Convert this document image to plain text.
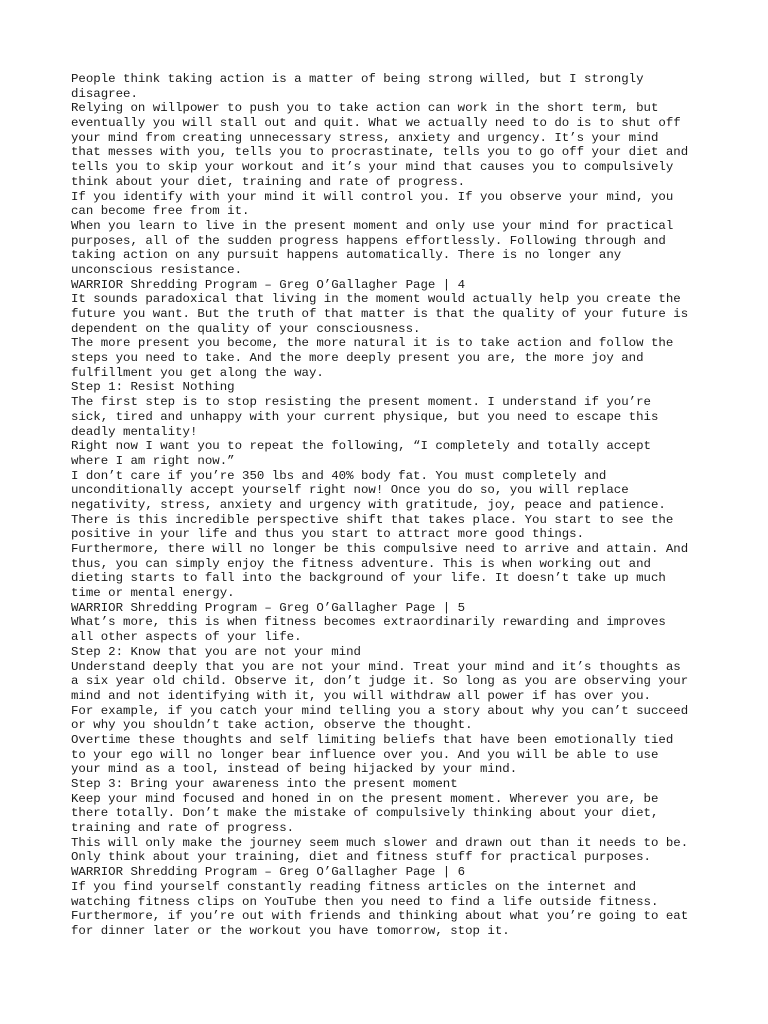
People think taking action is a matter of being strong willed, but I strongly
disagree.
Relying on willpower to push you to take action can work in the short term, but
eventually you will stall out and quit. What we actually need to do is to shut off
your mind from creating unnecessary stress, anxiety and urgency. It’s your mind
that messes with you, tells you to procrastinate, tells you to go off your diet and
tells you to skip your workout and it’s your mind that causes you to compulsively
think about your diet, training and rate of progress.
If you identify with your mind it will control you. If you observe your mind, you
can become free from it.
When you learn to live in the present moment and only use your mind for practical
purposes, all of the sudden progress happens effortlessly. Following through and
taking action on any pursuit happens automatically. There is no longer any
unconscious resistance.
WARRIOR Shredding Program – Greg O’Gallagher Page | 4
It sounds paradoxical that living in the moment would actually help you create the
future you want. But the truth of that matter is that the quality of your future is
dependent on the quality of your consciousness.
The more present you become, the more natural it is to take action and follow the
steps you need to take. And the more deeply present you are, the more joy and
fulfillment you get along the way.
Step 1: Resist Nothing
The first step is to stop resisting the present moment. I understand if you’re
sick, tired and unhappy with your current physique, but you need to escape this
deadly mentality!
Right now I want you to repeat the following, “I completely and totally accept
where I am right now.”
I don’t care if you’re 350 lbs and 40% body fat. You must completely and
unconditionally accept yourself right now! Once you do so, you will replace
negativity, stress, anxiety and urgency with gratitude, joy, peace and patience.
There is this incredible perspective shift that takes place. You start to see the
positive in your life and thus you start to attract more good things.
Furthermore, there will no longer be this compulsive need to arrive and attain. And
thus, you can simply enjoy the fitness adventure. This is when working out and
dieting starts to fall into the background of your life. It doesn’t take up much
time or mental energy.
WARRIOR Shredding Program – Greg O’Gallagher Page | 5
What’s more, this is when fitness becomes extraordinarily rewarding and improves
all other aspects of your life.
Step 2: Know that you are not your mind
Understand deeply that you are not your mind. Treat your mind and it’s thoughts as
a six year old child. Observe it, don’t judge it. So long as you are observing your
mind and not identifying with it, you will withdraw all power if has over you.
For example, if you catch your mind telling you a story about why you can’t succeed
or why you shouldn’t take action, observe the thought.
Overtime these thoughts and self limiting beliefs that have been emotionally tied
to your ego will no longer bear influence over you. And you will be able to use
your mind as a tool, instead of being hijacked by your mind.
Step 3: Bring your awareness into the present moment
Keep your mind focused and honed in on the present moment. Wherever you are, be
there totally. Don’t make the mistake of compulsively thinking about your diet,
training and rate of progress.
This will only make the journey seem much slower and drawn out than it needs to be.
Only think about your training, diet and fitness stuff for practical purposes.
WARRIOR Shredding Program – Greg O’Gallagher Page | 6
If you find yourself constantly reading fitness articles on the internet and
watching fitness clips on YouTube then you need to find a life outside fitness.
Furthermore, if you’re out with friends and thinking about what you’re going to eat
for dinner later or the workout you have tomorrow, stop it.
